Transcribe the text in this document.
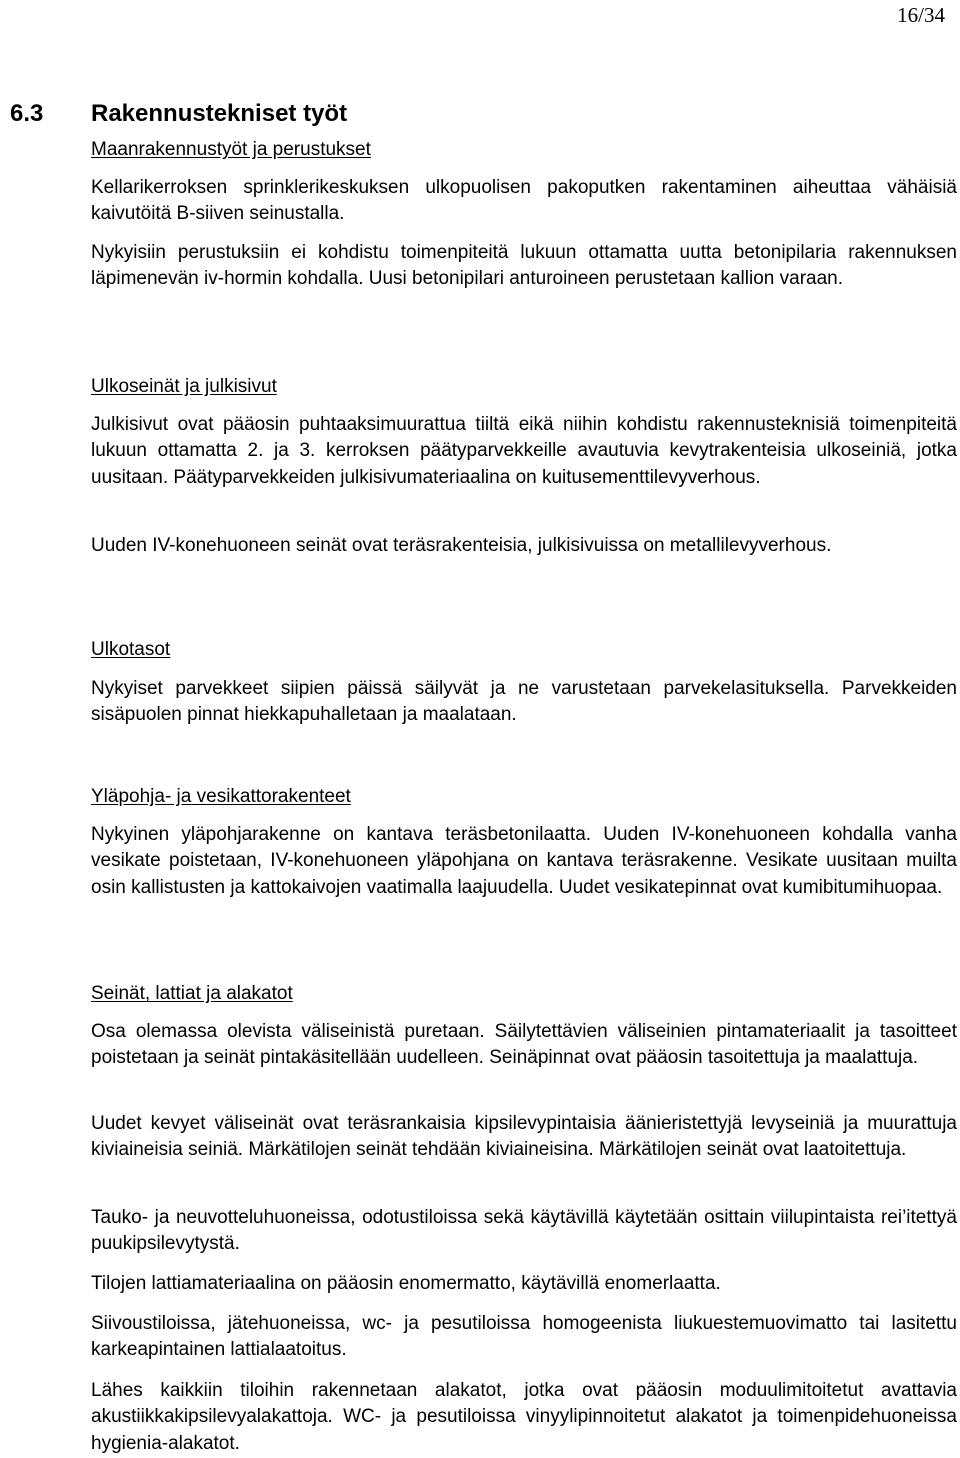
16/34
6.3 Rakennustekniset työt
Maanrakennustyöt ja perustukset

Kellarikerroksen sprinklerikeskuksen ulkopuolisen pakoputken rakentaminen aiheuttaa vähäisiä kaivutöitä B-siiven seinustalla.

Nykyisiin perustuksiin ei kohdistu toimenpiteitä lukuun ottamatta uutta betonipilaria rakennuksen läpimenevän iv-hormin kohdalla. Uusi betonipilari anturoineen perustetaan kallion varaan.

Ulkoseinät ja julkisivut

Julkisivut ovat pääosin puhtaaksimuurattua tiiltä eikä niihin kohdistu rakennusteknisiä toimenpiteitä lukuun ottamatta 2. ja 3. kerroksen päätyparvekkeille avautuvia kevytrakenteisia ulkoseiniä, jotka uusitaan. Päätyparvekkeiden julkisivumateriaalina on kuitusementtilevyverhous.

Uuden IV-konehuoneen seinät ovat teräsrakenteisia, julkisivuissa on metallilevyverhous.

Ulkotasot

Nykyiset parvekkeet siipien päissä säilyvät ja ne varustetaan parvekelasituksella. Parvekkeiden sisäpuolen pinnat hiekkapuhalletaan ja maalataan.

Yläpohja- ja vesikattorakenteet

Nykyinen yläpohjarakenne on kantava teräsbetonilaatta. Uuden IV-konehuoneen kohdalla vanha vesikate poistetaan, IV-konehuoneen yläpohjana on kantava teräsrakenne. Vesikate uusitaan muilta osin kallistusten ja kattokaivojen vaatimalla laajuudella. Uudet vesikatepinnat ovat kumibitumihuopaa.

Seinät, lattiat ja alakatot

Osa olemassa olevista väliseinistä puretaan. Säilytettävien väliseinien pintamateriaalit ja tasoitteet poistetaan ja seinät pintakäsitellään uudelleen. Seinäpinnat ovat pääosin tasoitettuja ja maalattuja.

Uudet kevyet väliseinät ovat teräsrankaisia kipsilevypintaisia äänieristettyjä levyseiniä ja muurattuja kiviaineisia seiniä. Märkätilojen seinät tehdään kiviaineisina. Märkätilojen seinät ovat laatoitettuja.

Tauko- ja neuvotteluhuoneissa, odotustiloissa sekä käytävillä käytetään osittain viilupintaista rei’itettyä puukipsilevytystä.

Tilojen lattiamateriaalina on pääosin enomermatto, käytävillä enomerlaatta.

Siivoustiloissa, jätehuoneissa, wc- ja pesutiloissa homogeenista liukuestemuovimatto tai lasitettu karkeapintainen lattialaatoitus.

Lähes kaikkiin tiloihin rakennetaan alakatot, jotka ovat pääosin moduulimitoitetut avattavia akustiikkakipsilevyalakattoja. WC- ja pesutiloissa vinyylipinnoitetut alakatot ja toimenpidehuoneissa hygienia-alakatot.
